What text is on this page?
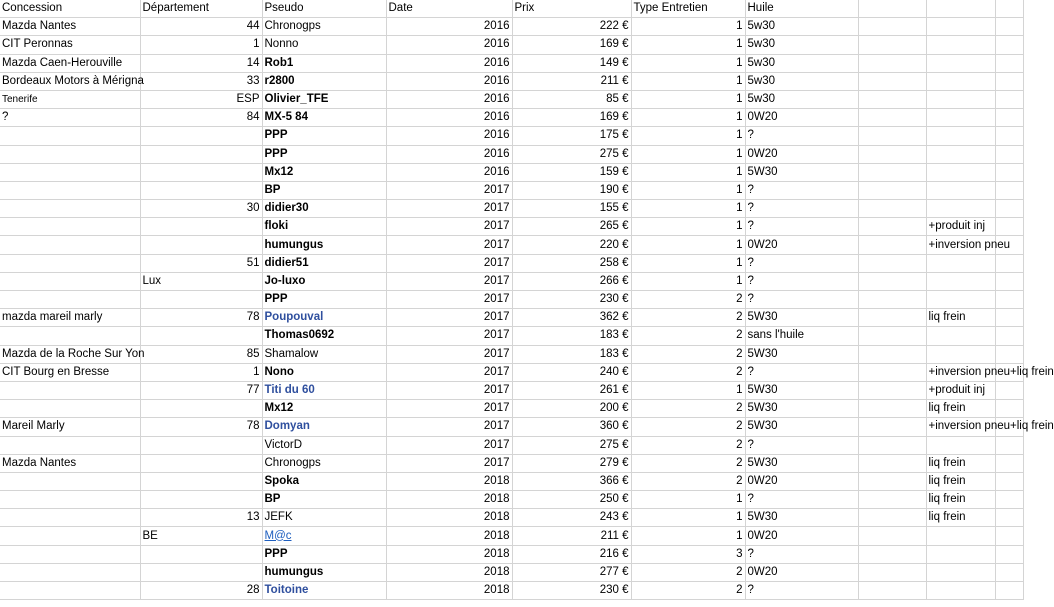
Concession	Département	Pseudo	Date	Prix	Type Entretien	Huile			
Mazda Nantes	44	Chronogps	2016	222 €	1	5w30			
CIT Peronnas	1	Nonno	2016	169 €	1	5w30			
Mazda Caen-Herouville	14	Rob1	2016	149 €	1	5w30			
Bordeaux Motors à Mérigna	33	r2800	2016	211 €	1	5w30			
Tenerife	ESP	Olivier_TFE	2016	85 €	1	5w30			
?	84	MX-5 84	2016	169 €	1	0W20			
		PPP	2016	175 €	1	?			
		PPP	2016	275 €	1	0W20			
		Mx12	2016	159 €	1	5W30			
		BP	2017	190 €	1	?			
	30	didier30	2017	155 €	1	?			
		floki	2017	265 €	1	?		+produit inj	
		humungus	2017	220 €	1	0W20		+inversion pneu	
	51	didier51	2017	258 €	1	?			
	Lux	Jo-luxo	2017	266 €	1	?			
		PPP	2017	230 €	2	?			
mazda mareil marly	78	Poupouval	2017	362 €	2	5W30		liq frein	
		Thomas0692	2017	183 €	2	sans l'huile			
Mazda de la Roche Sur Yon	85	Shamalow	2017	183 €	2	5W30			
CIT Bourg en Bresse	1	Nono	2017	240 €	2	?		+inversion pneu+liq frein	
	77	Titi du 60	2017	261 €	1	5W30		+produit inj	
		Mx12	2017	200 €	2	5W30		liq frein	
Mareil Marly	78	Domyan	2017	360 €	2	5W30		+inversion pneu+liq frein	
		VictorD	2017	275 €	2	?			
Mazda Nantes		Chronogps	2017	279 €	2	5W30		liq frein	
		Spoka	2018	366 €	2	0W20		liq frein	
		BP	2018	250 €	1	?		liq frein	
	13	JEFK	2018	243 €	1	5W30		liq frein	
	BE	M@c	2018	211 €	1	0W20			
		PPP	2018	216 €	3	?			
		humungus	2018	277 €	2	0W20			
	28	Toitoine	2018	230 €	2	?			
